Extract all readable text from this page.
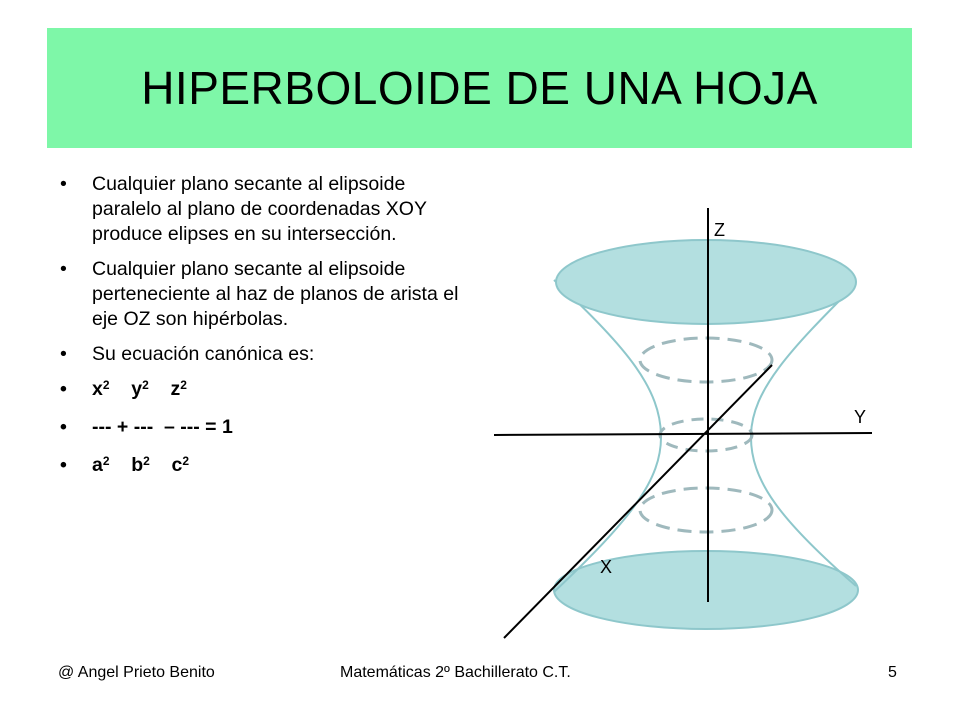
HIPERBOLOIDE DE UNA HOJA
• Cualquier plano secante al elipsoide paralelo al plano de coordenadas XOY produce elipses en su intersección.
• Cualquier plano secante al elipsoide perteneciente al haz de planos de arista el eje OZ son hipérbolas.
• Su ecuación canónica es:
• $x^2$ $y^2$ $z^2$
• --- + ---  – --- = 1
• $a^2$ $b^2$ $c^2$
Z
Y
X
@ Angel Prieto Benito	Matemáticas 2º Bachillerato C.T.	5
